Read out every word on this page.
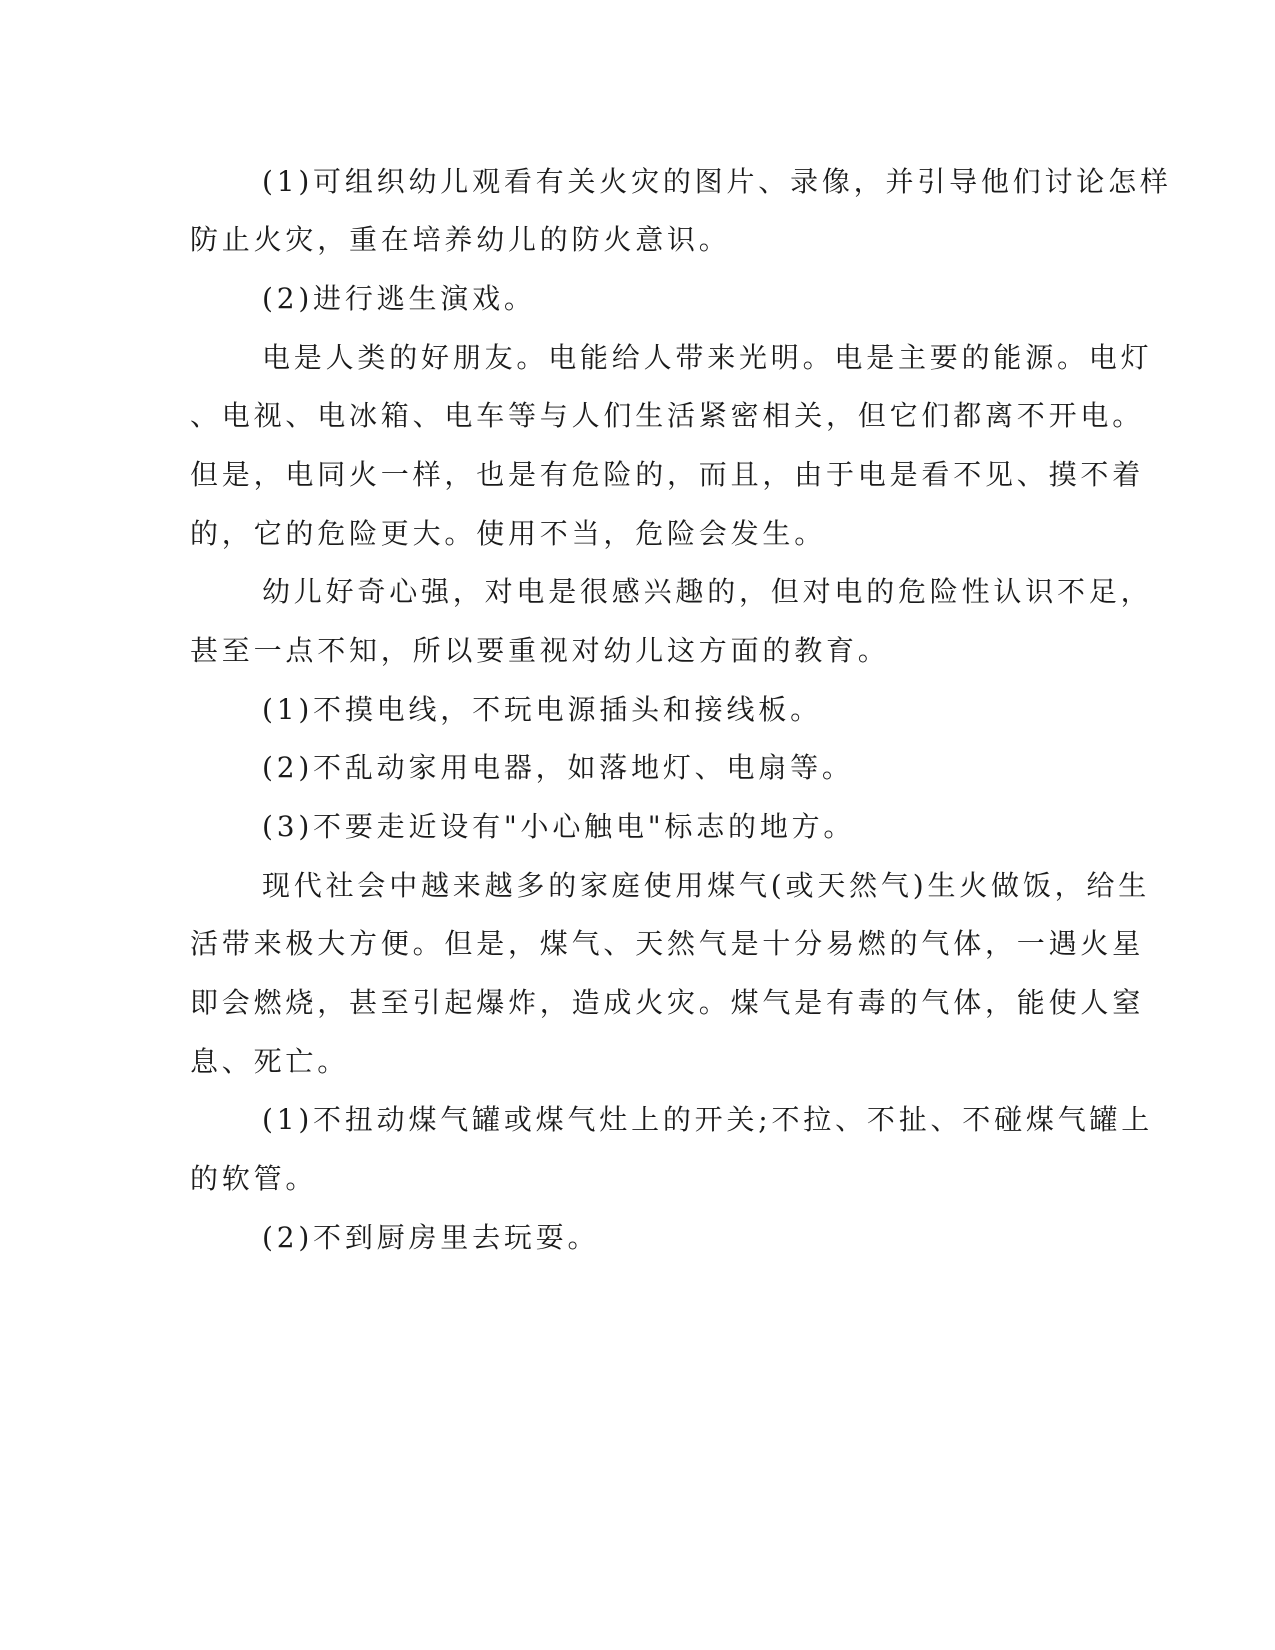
(1)可组织幼儿观看有关火灾的图片、录像，并引导他们讨论怎样

防止火灾，重在培养幼儿的防火意识。

(2)进行逃生演戏。

电是人类的好朋友。电能给人带来光明。电是主要的能源。电灯

、电视、电冰箱、电车等与人们生活紧密相关，但它们都离不开电。

但是，电同火一样，也是有危险的，而且，由于电是看不见、摸不着

的，它的危险更大。使用不当，危险会发生。

幼儿好奇心强，对电是很感兴趣的，但对电的危险性认识不足，

甚至一点不知，所以要重视对幼儿这方面的教育。

(1)不摸电线，不玩电源插头和接线板。

(2)不乱动家用电器，如落地灯、电扇等。

(3)不要走近设有"小心触电"标志的地方。

现代社会中越来越多的家庭使用煤气(或天然气)生火做饭，给生

活带来极大方便。但是，煤气、天然气是十分易燃的气体，一遇火星

即会燃烧，甚至引起爆炸，造成火灾。煤气是有毒的气体，能使人窒

息、死亡。

(1)不扭动煤气罐或煤气灶上的开关;不拉、不扯、不碰煤气罐上

的软管。

(2)不到厨房里去玩耍。
